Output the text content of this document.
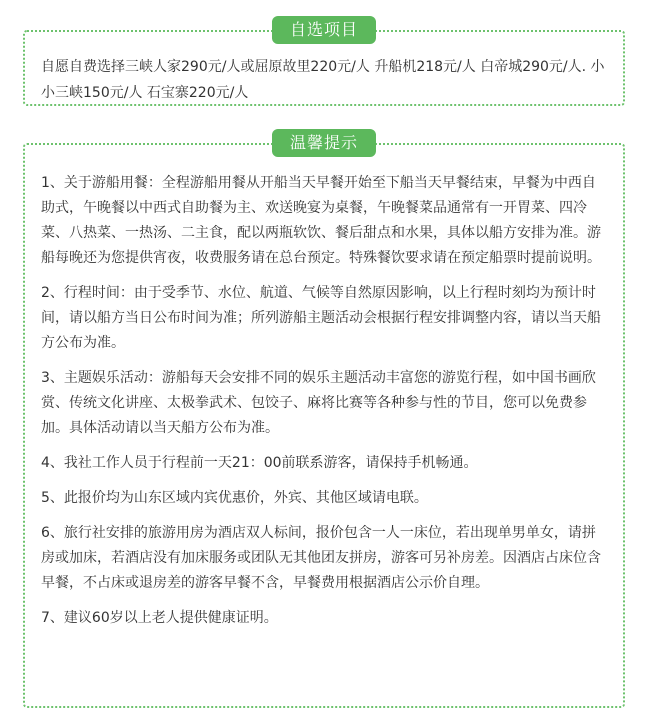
自选项目
自愿自费选择三峡人家290元/人或屈原故里220元/人 升船机218元/人 白帝城290元/人. 小小三峡150元/人 石宝寨220元/人
温馨提示

1、关于游船用餐：全程游船用餐从开船当天早餐开始至下船当天早餐结束，早餐为中西自助式，午晚餐以中西式自助餐为主、欢送晚宴为桌餐，午晚餐菜品通常有一开胃菜、四冷菜、八热菜、一热汤、二主食，配以两瓶软饮、餐后甜点和水果，具体以船方安排为准。游船每晚还为您提供宵夜，收费服务请在总台预定。特殊餐饮要求请在预定船票时提前说明。

2、行程时间：由于受季节、水位、航道、气候等自然原因影响，以上行程时刻均为预计时间，请以船方当日公布时间为准；所列游船主题活动会根据行程安排调整内容，请以当天船方公布为准。

3、主题娱乐活动：游船每天会安排不同的娱乐主题活动丰富您的游览行程，如中国书画欣赏、传统文化讲座、太极拳武术、包饺子、麻将比赛等各种参与性的节目，您可以免费参加。具体活动请以当天船方公布为准。

4、我社工作人员于行程前一天21：00前联系游客，请保持手机畅通。

5、此报价均为山东区域内宾优惠价，外宾、其他区域请电联。

6、旅行社安排的旅游用房为酒店双人标间，报价包含一人一床位，若出现单男单女，请拼房或加床，若酒店没有加床服务或团队无其他团友拼房，游客可另补房差。因酒店占床位含早餐，不占床或退房差的游客早餐不含，早餐费用根据酒店公示价自理。

7、建议60岁以上老人提供健康证明。
